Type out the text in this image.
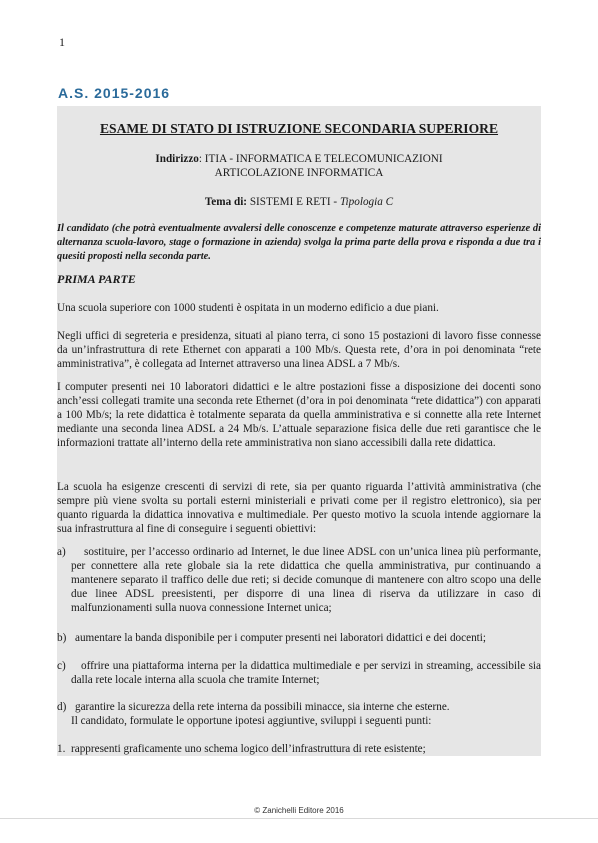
1
A.S. 2015-2016
ESAME DI STATO DI ISTRUZIONE SECONDARIA SUPERIORE
Indirizzo: ITIA - INFORMATICA E TELECOMUNICAZIONI
ARTICOLAZIONE INFORMATICA
Tema di: SISTEMI E RETI - Tipologia C
Il candidato (che potrà eventualmente avvalersi delle conoscenze e competenze maturate attraverso esperienze di alternanza scuola-lavoro, stage o formazione in azienda) svolga la prima parte della prova e risponda a due tra i quesiti proposti nella seconda parte.
PRIMA PARTE
Una scuola superiore con 1000 studenti è ospitata in un moderno edificio a due piani.
Negli uffici di segreteria e presidenza, situati al piano terra, ci sono 15 postazioni di lavoro fisse connesse da un’infrastruttura di rete Ethernet con apparati a 100 Mb/s. Questa rete, d’ora in poi denominata “rete amministrativa”, è collegata ad Internet attraverso una linea ADSL a 7 Mb/s.
I computer presenti nei 10 laboratori didattici e le altre postazioni fisse a disposizione dei docenti sono anch’essi collegati tramite una seconda rete Ethernet (d’ora in poi denominata “rete didattica”) con apparati a 100 Mb/s; la rete didattica è totalmente separata da quella amministrativa e si connette alla rete Internet mediante una seconda linea ADSL a 24 Mb/s. L’attuale separazione fisica delle due reti garantisce che le informazioni trattate all’interno della rete amministrativa non siano accessibili dalla rete didattica.
La scuola ha esigenze crescenti di servizi di rete, sia per quanto riguarda l’attività amministrativa (che sempre più viene svolta su portali esterni ministeriali e privati come per il registro elettronico), sia per quanto riguarda la didattica innovativa e multimediale. Per questo motivo la scuola intende aggiornare la sua infrastruttura al fine di conseguire i seguenti obiettivi:
a)	sostituire, per l’accesso ordinario ad Internet, le due linee ADSL con un’unica linea più performante, per connettere alla rete globale sia la rete didattica che quella amministrativa, pur continuando a mantenere separato il traffico delle due reti; si decide comunque di mantenere con altro scopo una delle due linee ADSL preesistenti, per disporre di una linea di riserva da utilizzare in caso di malfunzionamenti sulla nuova connessione Internet unica;
b) aumentare la banda disponibile per i computer presenti nei laboratori didattici e dei docenti;
c)	offrire una piattaforma interna per la didattica multimediale e per servizi in streaming, accessibile sia dalla rete locale interna alla scuola che tramite Internet;
d) garantire la sicurezza della rete interna da possibili minacce, sia interne che esterne.
Il candidato, formulate le opportune ipotesi aggiuntive, sviluppi i seguenti punti:
1. rappresenti graficamente uno schema logico dell’infrastruttura di rete esistente;
© Zanichelli Editore 2016
